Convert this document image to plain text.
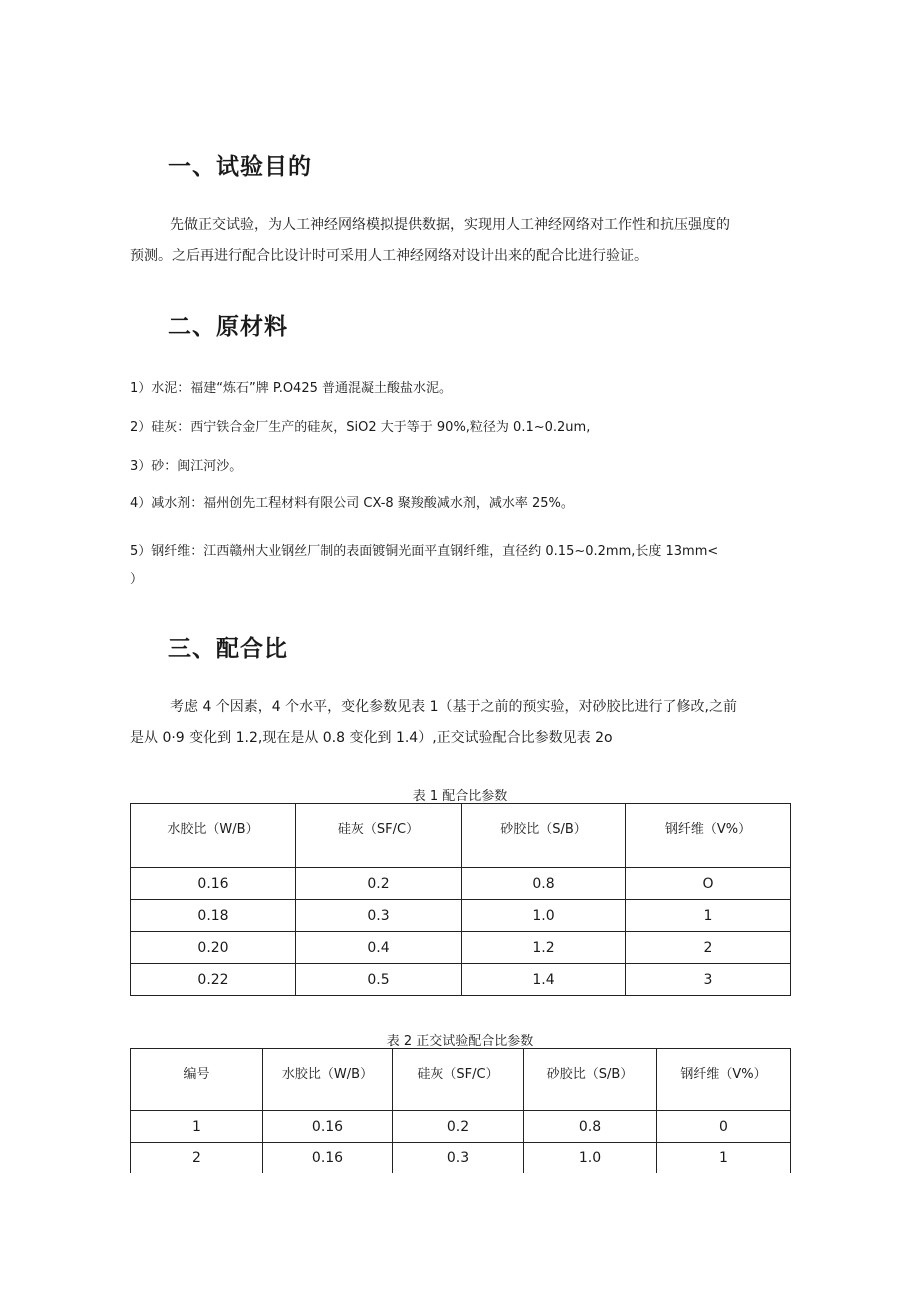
一、试验目的
先做正交试验，为人工神经网络模拟提供数据，实现用人工神经网络对工作性和抗压强度的
预测。之后再进行配合比设计时可采用人工神经网络对设计出来的配合比进行验证。
二、原材料
1）水泥：福建“炼石”牌 P.O425 普通混凝土酸盐水泥。
2）硅灰：西宁铁合金厂生产的硅灰，SiO2 大于等于 90%,粒径为 0.1~0.2um,
3）砂：闽江河沙。
4）减水剂：福州创先工程材料有限公司 CX-8 聚羧酸减水剂，减水率 25%。
5）钢纤维：江西赣州大业钢丝厂制的表面镀铜光面平直钢纤维，直径约 0.15~0.2mm,长度 13mm<
）
三、配合比
考虑 4 个因素，4 个水平，变化参数见表 1（基于之前的预实验，对砂胶比进行了修改,之前
是从 0·9 变化到 1.2,现在是从 0.8 变化到 1.4）,正交试验配合比参数见表 2o
表 1 配合比参数
水胶比（W/B）	硅灰（SF/C）	砂胶比（S/B）	钢纤维（V%）

0.16	0.2	0.8	O
0.18	0.3	1.0	1
0.20	0.4	1.2	2
0.22	0.5	1.4	3
表 2 正交试验配合比参数
编号	水胶比（W/B）	硅灰（SF/C）	砂胶比（S/B）	钢纤维（V%）

1	0.16	0.2	0.8	0
2	0.16	0.3	1.0	1
